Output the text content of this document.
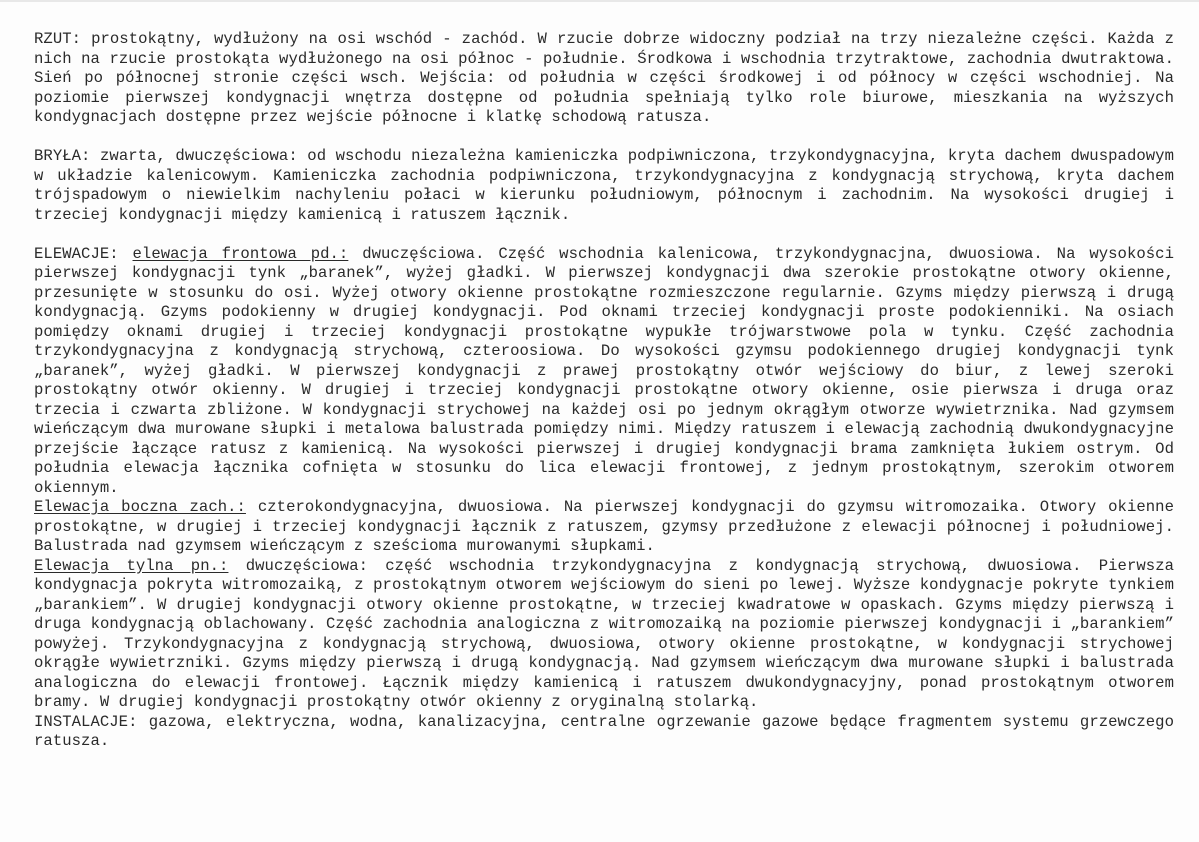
RZUT: prostokątny, wydłużony na osi wschód - zachód. W rzucie dobrze widoczny podział na trzy niezależne części. Każda z nich na rzucie prostokąta wydłużonego na osi północ - południe. Środkowa i wschodnia trzytraktowe, zachodnia dwutraktowa. Sień po północnej stronie części wsch. Wejścia: od południa w części środkowej i od północy w części wschodniej. Na poziomie pierwszej kondygnacji wnętrza dostępne od południa spełniają tylko role biurowe, mieszkania na wyższych kondygnacjach dostępne przez wejście północne i klatkę schodową ratusza.

BRYŁA: zwarta, dwuczęściowa: od wschodu niezależna kamieniczka podpiwniczona, trzykondygnacyjna, kryta dachem dwuspadowym w układzie kalenicowym. Kamieniczka zachodnia podpiwniczona, trzykondygnacyjna z kondygnacją strychową, kryta dachem trójspadowym o niewielkim nachyleniu połaci w kierunku południowym, północnym i zachodnim. Na wysokości drugiej i trzeciej kondygnacji między kamienicą i ratuszem łącznik.

ELEWACJE: elewacja frontowa pd.: dwuczęściowa. Część wschodnia kalenicowa, trzykondygnacjna, dwuosiowa. Na wysokości pierwszej kondygnacji tynk „baranek”, wyżej gładki. W pierwszej kondygnacji dwa szerokie prostokątne otwory okienne, przesunięte w stosunku do osi. Wyżej otwory okienne prostokątne rozmieszczone regularnie. Gzyms między pierwszą i drugą kondygnacją. Gzyms podokienny w drugiej kondygnacji. Pod oknami trzeciej kondygnacji proste podokienniki. Na osiach pomiędzy oknami drugiej i trzeciej kondygnacji prostokątne wypukłe trójwarstwowe pola w tynku. Część zachodnia trzykondygnacyjna z kondygnacją strychową, czteroosiowa. Do wysokości gzymsu podokiennego drugiej kondygnacji tynk „baranek”, wyżej gładki. W pierwszej kondygnacji z prawej prostokątny otwór wejściowy do biur, z lewej szeroki prostokątny otwór okienny. W drugiej i trzeciej kondygnacji prostokątne otwory okienne, osie pierwsza i druga oraz trzecia i czwarta zbliżone. W kondygnacji strychowej na każdej osi po jednym okrągłym otworze wywietrznika. Nad gzymsem wieńczącym dwa murowane słupki i metalowa balustrada pomiędzy nimi. Między ratuszem i elewacją zachodnią dwukondygnacyjne przejście łączące ratusz z kamienicą. Na wysokości pierwszej i drugiej kondygnacji brama zamknięta łukiem ostrym. Od południa elewacja łącznika cofnięta w stosunku do lica elewacji frontowej, z jednym prostokątnym, szerokim otworem okiennym.

Elewacja boczna zach.: czterokondygnacyjna, dwuosiowa. Na pierwszej kondygnacji do gzymsu witromozaika. Otwory okienne prostokątne, w drugiej i trzeciej kondygnacji łącznik z ratuszem, gzymsy przedłużone z elewacji północnej i południowej. Balustrada nad gzymsem wieńczącym z sześcioma murowanymi słupkami.

Elewacja tylna pn.: dwuczęściowa: część wschodnia trzykondygnacyjna z kondygnacją strychową, dwuosiowa. Pierwsza kondygnacja pokryta witromozaiką, z prostokątnym otworem wejściowym do sieni po lewej. Wyższe kondygnacje pokryte tynkiem „barankiem”. W drugiej kondygnacji otwory okienne prostokątne, w trzeciej kwadratowe w opaskach. Gzyms między pierwszą i druga kondygnacją oblachowany. Część zachodnia analogiczna z witromozaiką na poziomie pierwszej kondygnacji i „barankiem” powyżej. Trzykondygnacyjna z kondygnacją strychową, dwuosiowa, otwory okienne prostokątne, w kondygnacji strychowej okrągłe wywietrzniki. Gzyms między pierwszą i drugą kondygnacją. Nad gzymsem wieńczącym dwa murowane słupki i balustrada analogiczna do elewacji frontowej. Łącznik między kamienicą i ratuszem dwukondygnacyjny, ponad prostokątnym otworem bramy. W drugiej kondygnacji prostokątny otwór okienny z oryginalną stolarką.

INSTALACJE: gazowa, elektryczna, wodna, kanalizacyjna, centralne ogrzewanie gazowe będące fragmentem systemu grzewczego ratusza.
